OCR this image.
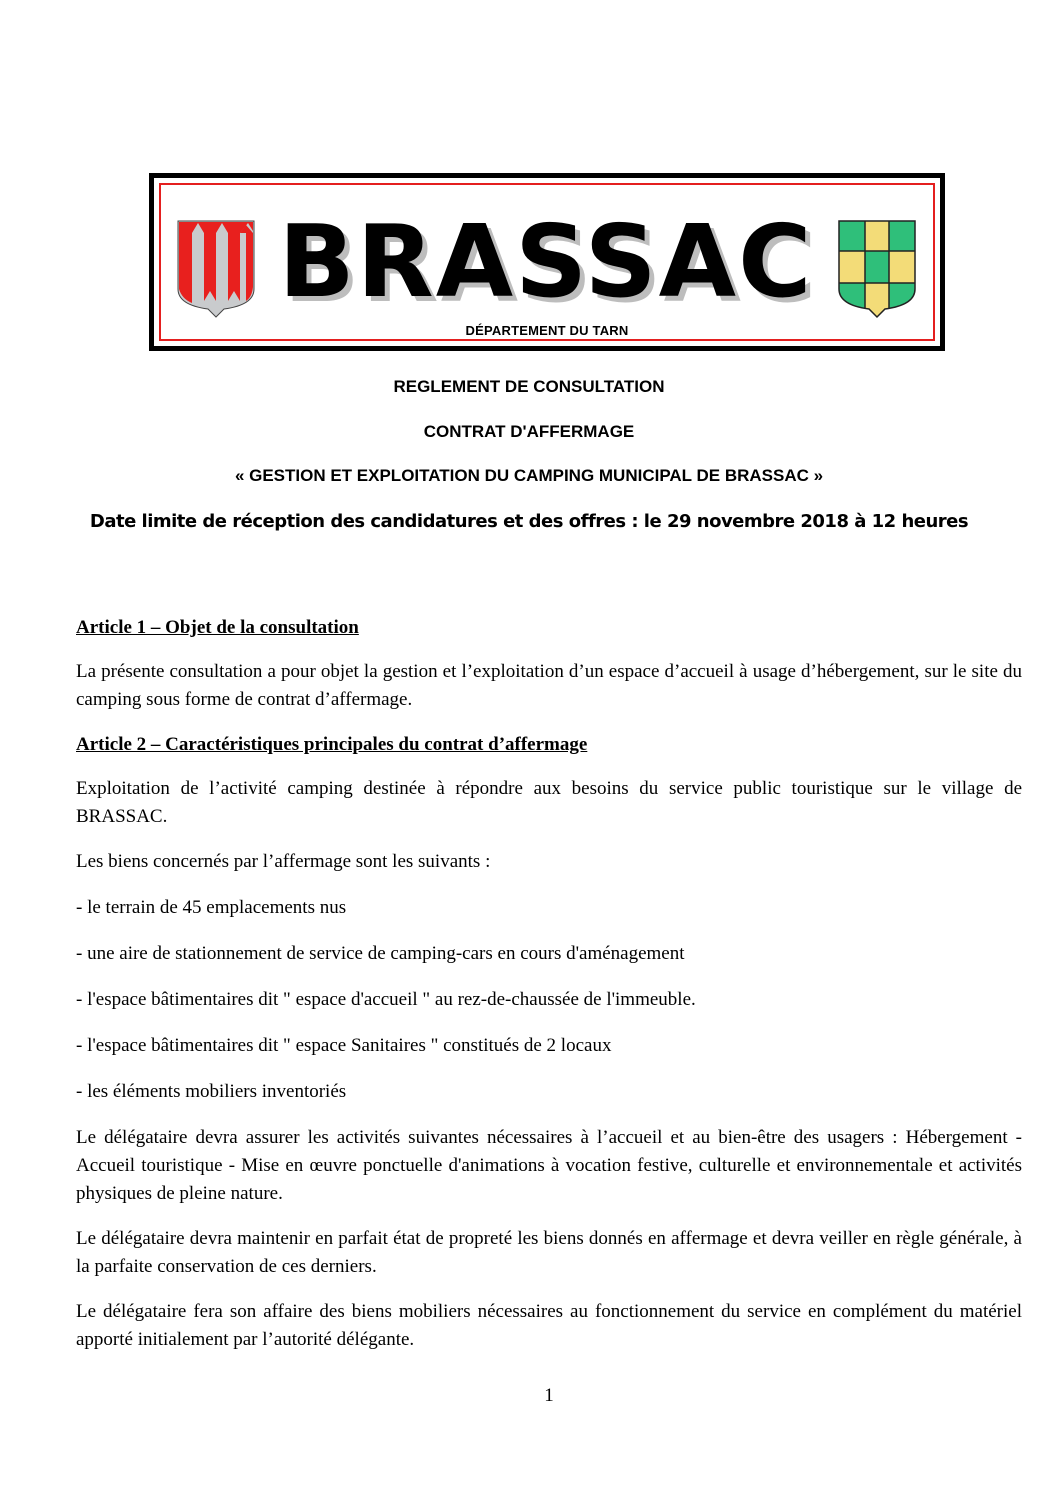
BRASSAC
DÉPARTEMENT DU TARN
REGLEMENT DE CONSULTATION
CONTRAT D'AFFERMAGE
« GESTION ET EXPLOITATION DU CAMPING MUNICIPAL DE BRASSAC »
Date limite de réception des candidatures et des offres : le 29 novembre 2018 à 12 heures
Article 1 – Objet de la consultation
La présente consultation a pour objet la gestion et l’exploitation d’un espace d’accueil à usage d’hébergement, sur le site du camping sous forme de contrat d’affermage.
Article 2 – Caractéristiques principales du contrat d’affermage
Exploitation de l’activité camping destinée à répondre aux besoins du service public touristique sur le village de BRASSAC.
Les biens concernés par l’affermage sont les suivants :
- le terrain de 45 emplacements nus
- une aire de stationnement de service de camping-cars en cours d'aménagement
- l'espace bâtimentaires dit " espace d'accueil " au rez-de-chaussée de l'immeuble.
- l'espace bâtimentaires dit " espace Sanitaires " constitués de 2 locaux
- les éléments mobiliers inventoriés
Le délégataire devra assurer les activités suivantes nécessaires à l’accueil et au bien-être des usagers : Hébergement - Accueil touristique - Mise en œuvre ponctuelle d'animations à vocation festive, culturelle et environnementale et activités physiques de pleine nature.
Le délégataire devra maintenir en parfait état de propreté les biens donnés en affermage et devra veiller en règle générale, à la parfaite conservation de ces derniers.
Le délégataire fera son affaire des biens mobiliers nécessaires au fonctionnement du service en complément du matériel apporté initialement par l’autorité délégante.
1
